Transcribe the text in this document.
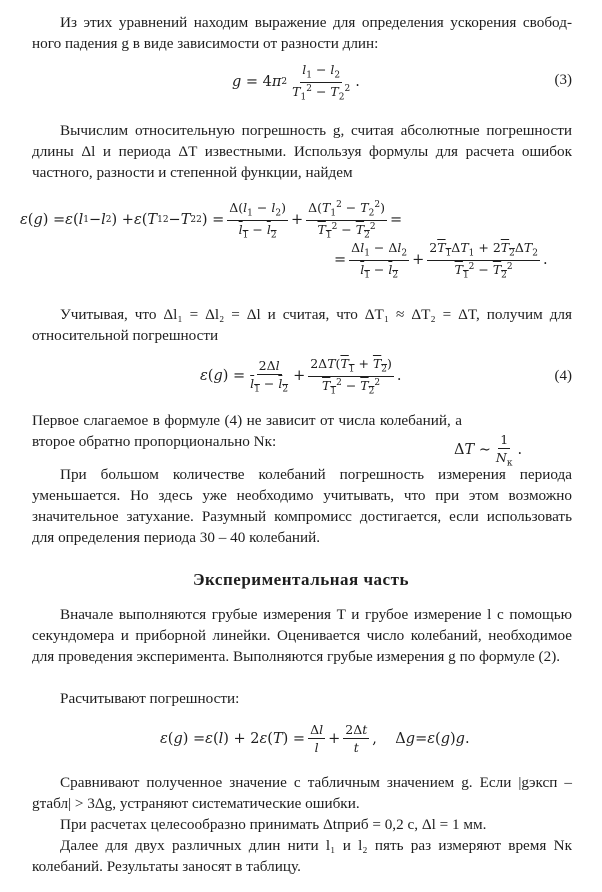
Из этих уравнений находим выражение для определения ускорения свободного падения g в виде зависимости от разности длин:

g = 4 π $2 \frac{l_1 - l_2}{T_1^2 - T_2^2}$ .	(3)

Вычислим относительную погрешность g, считая абсолютные погрешности длины Δl и периода ΔT известными. Используя формулы для расчета ошибок частного, разности и степенной функции, найдем

ε ( g ) = ε ( l 1 − l 2 ) + ε ( T 1 2 − T 2 2 ) = $\frac{\Delta(l_1 - l_2)}{l_1 - l_2} + \frac{\Delta(T_1^2 - T_2^2)}{T_1^2 - T_2^2}$ =
= $\frac{\Delta l_1 - \Delta l_2}{l_1 - l_2} + \frac{2T_1\Delta T_1 + 2T_2\Delta T_2}{T_1^2 - T_2^2}$ .

Учитывая, что Δl₁ = Δl₂ = Δl и считая, что ΔT₁ ≈ ΔT₂ = ΔT, получим для относительной погрешности

ε ( g ) = $\frac{2\Delta l}{l_1 - l_2} + \frac{2\Delta T(T_1 + T_2)}{T_1^2 - T_2^2}$ .	(4)

Первое слагаемое в формуле (4) не зависит от числа колебаний, а второе обратно пропорционально Nк:

Δ T ∼ $\frac{1}{N_к}$ .

При большом количестве колебаний погрешность измерения периода уменьшается. Но здесь уже необходимо учитывать, что при этом возможно значительное затухание. Разумный компромисс достигается, если использовать для определения периода 30 – 40 колебаний.

Экспериментальная часть

Вначале выполняются грубые измерения T и грубое измерение l с помощью секундомера и приборной линейки. Оценивается число колебаний, необходимое для проведения эксперимента. Выполняются грубые измерения g по формуле (2).

Расчитывают погрешности:

ε ( g ) = ε ( l ) + 2 ε ( T ) = $\frac{\Delta l}{l} + \frac{2\Delta t}{t}$ ,    Δ g = ε ( g ) g .

Сравнивают полученное значение с табличным значением g. Если |gэксп – gтабл| > 3Δg, устраняют систематические ошибки.

При расчетах целесообразно принимать Δtприб = 0,2 с, Δl = 1 мм.

Далее для двух различных длин нити l₁ и l₂ пять раз измеряют время Nк колебаний. Результаты заносят в таблицу.
